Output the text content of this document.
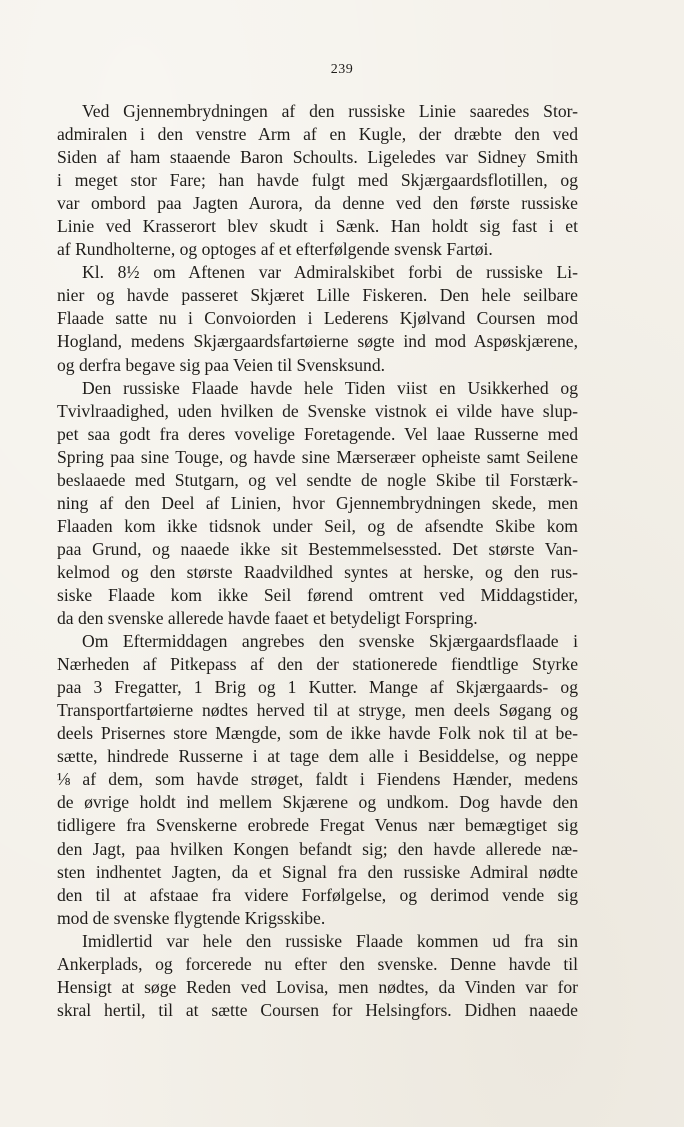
239
Ved Gjennembrydningen af den russiske Linie saaredes Stor-
admiralen i den venstre Arm af en Kugle, der dræbte den ved
Siden af ham staaende Baron Schoults. Ligeledes var Sidney Smith
i meget stor Fare; han havde fulgt med Skjærgaardsflotillen, og
var ombord paa Jagten Aurora, da denne ved den første russiske
Linie ved Krasserort blev skudt i Sænk. Han holdt sig fast i et
af Rundholterne, og optoges af et efterfølgende svensk Fartøi.
Kl. 8½ om Aftenen var Admiralskibet forbi de russiske Li-
nier og havde passeret Skjæret Lille Fiskeren. Den hele seilbare
Flaade satte nu i Convoiorden i Lederens Kjølvand Coursen mod
Hogland, medens Skjærgaardsfartøierne søgte ind mod Aspøskjærene,
og derfra begave sig paa Veien til Svensksund.
Den russiske Flaade havde hele Tiden viist en Usikkerhed og
Tvivlraadighed, uden hvilken de Svenske vistnok ei vilde have slup-
pet saa godt fra deres vovelige Foretagende. Vel laae Russerne med
Spring paa sine Touge, og havde sine Mærseræer opheiste samt Seilene
beslaaede med Stutgarn, og vel sendte de nogle Skibe til Forstærk-
ning af den Deel af Linien, hvor Gjennembrydningen skede, men
Flaaden kom ikke tidsnok under Seil, og de afsendte Skibe kom
paa Grund, og naaede ikke sit Bestemmelsessted. Det største Van-
kelmod og den største Raadvildhed syntes at herske, og den rus-
siske Flaade kom ikke Seil førend omtrent ved Middagstider,
da den svenske allerede havde faaet et betydeligt Forspring.
Om Eftermiddagen angrebes den svenske Skjærgaardsflaade i
Nærheden af Pitkepass af den der stationerede fiendtlige Styrke
paa 3 Fregatter, 1 Brig og 1 Kutter. Mange af Skjærgaards- og
Transportfartøierne nødtes herved til at stryge, men deels Søgang og
deels Prisernes store Mængde, som de ikke havde Folk nok til at be-
sætte, hindrede Russerne i at tage dem alle i Besiddelse, og neppe
⅛ af dem, som havde strøget, faldt i Fiendens Hænder, medens
de øvrige holdt ind mellem Skjærene og undkom. Dog havde den
tidligere fra Svenskerne erobrede Fregat Venus nær bemægtiget sig
den Jagt, paa hvilken Kongen befandt sig; den havde allerede næ-
sten indhentet Jagten, da et Signal fra den russiske Admiral nødte
den til at afstaae fra videre Forfølgelse, og derimod vende sig
mod de svenske flygtende Krigsskibe.
Imidlertid var hele den russiske Flaade kommen ud fra sin
Ankerplads, og forcerede nu efter den svenske. Denne havde til
Hensigt at søge Reden ved Lovisa, men nødtes, da Vinden var for
skral hertil, til at sætte Coursen for Helsingfors. Didhen naaede
